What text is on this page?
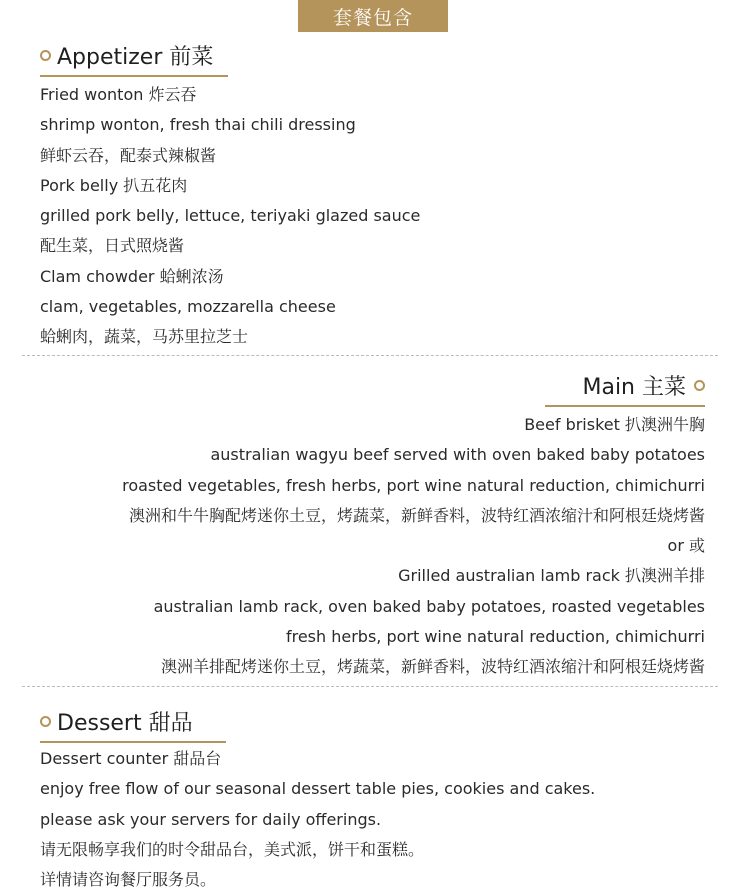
套餐包含
Appetizer 前菜
Fried wonton 炸云吞
shrimp wonton, fresh thai chili dressing
鲜虾云吞，配泰式辣椒酱
Pork belly 扒五花肉
grilled pork belly, lettuce, teriyaki glazed sauce
配生菜，日式照烧酱
Clam chowder 蛤蜊浓汤
clam, vegetables, mozzarella cheese
蛤蜊肉，蔬菜，马苏里拉芝士
Main 主菜
Beef brisket 扒澳洲牛胸
australian wagyu beef served with oven baked baby potatoes
roasted vegetables, fresh herbs, port wine natural reduction, chimichurri
澳洲和牛牛胸配烤迷你土豆，烤蔬菜，新鲜香料，波特红酒浓缩汁和阿根廷烧烤酱
or 或
Grilled australian lamb rack 扒澳洲羊排
australian lamb rack, oven baked baby potatoes, roasted vegetables
fresh herbs, port wine natural reduction, chimichurri
澳洲羊排配烤迷你土豆，烤蔬菜，新鲜香料，波特红酒浓缩汁和阿根廷烧烤酱
Dessert 甜品
Dessert counter 甜品台
enjoy free flow of our seasonal dessert table pies, cookies and cakes.
please ask your servers for daily offerings.
请无限畅享我们的时令甜品台，美式派，饼干和蛋糕。
详情请咨询餐厅服务员。
